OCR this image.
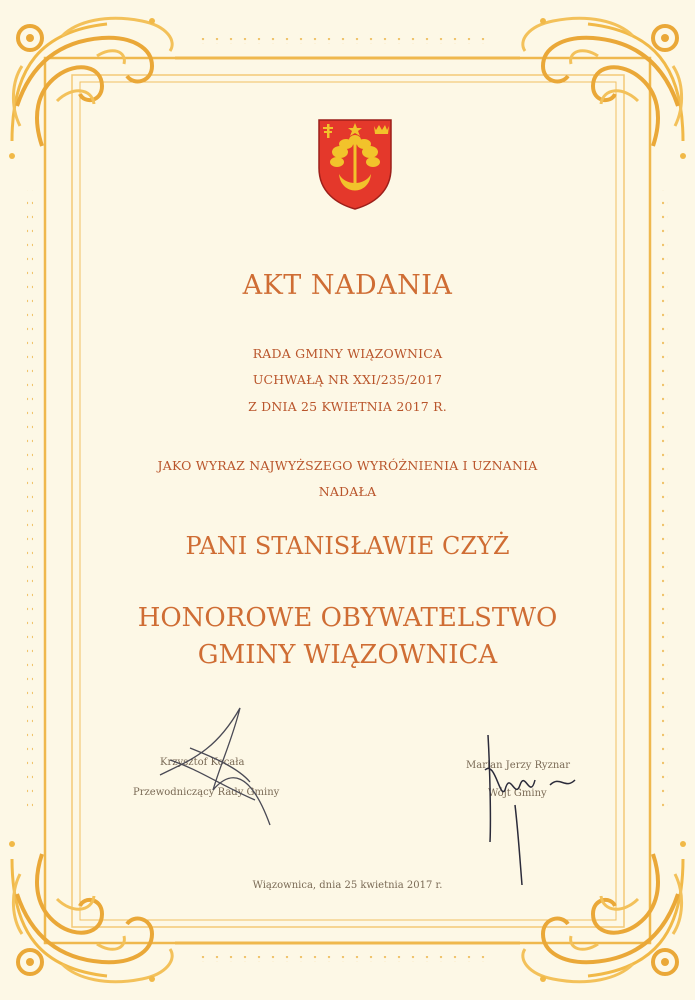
AKT NADANIA

RADA GMINY WIĄZOWNICA

UCHWAŁĄ NR XXI/235/2017

Z DNIA 25 KWIETNIA 2017 R.

JAKO WYRAZ NAJWYŻSZEGO WYRÓŻNIENIA I UZNANIA

NADAŁA

PANI STANISŁAWIE CZYŻ

HONOROWE OBYWATELSTWO

GMINY WIĄZOWNICA

Krzysztof Kocała
Przewodniczący Rady Gminy
Marian Jerzy Ryznar
Wójt Gminy

Wiązownica, dnia 25 kwietnia 2017 r.
